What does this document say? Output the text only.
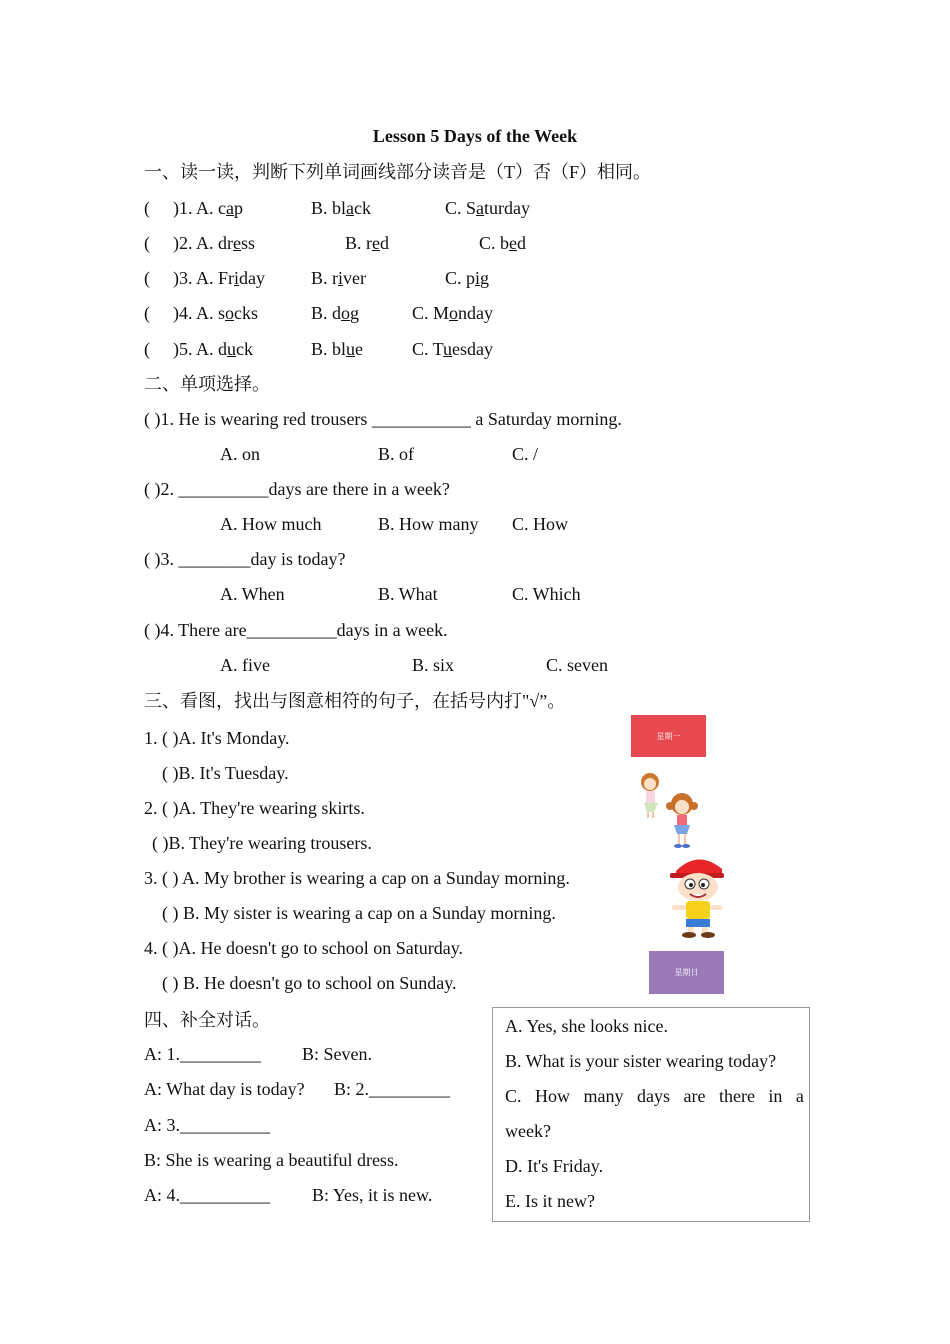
Lesson 5 Days of the Week
一、读一读，判断下列单词画线部分读音是（T）否（F）相同。
( )1. A. cap	B. black	C. Saturday
( )2. A. dress	B. red	C. bed
( )3. A. Friday	B. river	C. pig
( )4. A. socks	B. dog	C. Monday
( )5. A. duck	B. blue	C. Tuesday
二、单项选择。
( )1. He is wearing red trousers ___________ a Saturday morning.
A. on	B. of	C. /
( )2. __________days are there in a week?
A. How much	B. How many C. How
( )3. ________day is today?
A. When	B. What	C. Which
( )4. There are__________days in a week.
A. five	B. six	C. seven
三、看图，找出与图意相符的句子，在括号内打"√”。
1. ( )A. It's Monday.
( )B. It's Tuesday.
2. ( )A. They're wearing skirts.
( )B. They're wearing trousers.
3. ( ) A. My brother is wearing a cap on a Sunday morning.
( ) B. My sister is wearing a cap on a Sunday morning.
4. ( )A. He doesn't go to school on Saturday.
( ) B. He doesn't go to school on Sunday.
星期一
星期日
四、补全对话。
A: 1._________ B: Seven.
A: What day is today? B: 2._________
A: 3.__________
B: She is wearing a beautiful dress.
A: 4.__________ B: Yes, it is new.
A. Yes, she looks nice.
B. What is your sister wearing today?
C.   How   many   days   are   there   in   a
week?
D. It's Friday.
E. Is it new?
